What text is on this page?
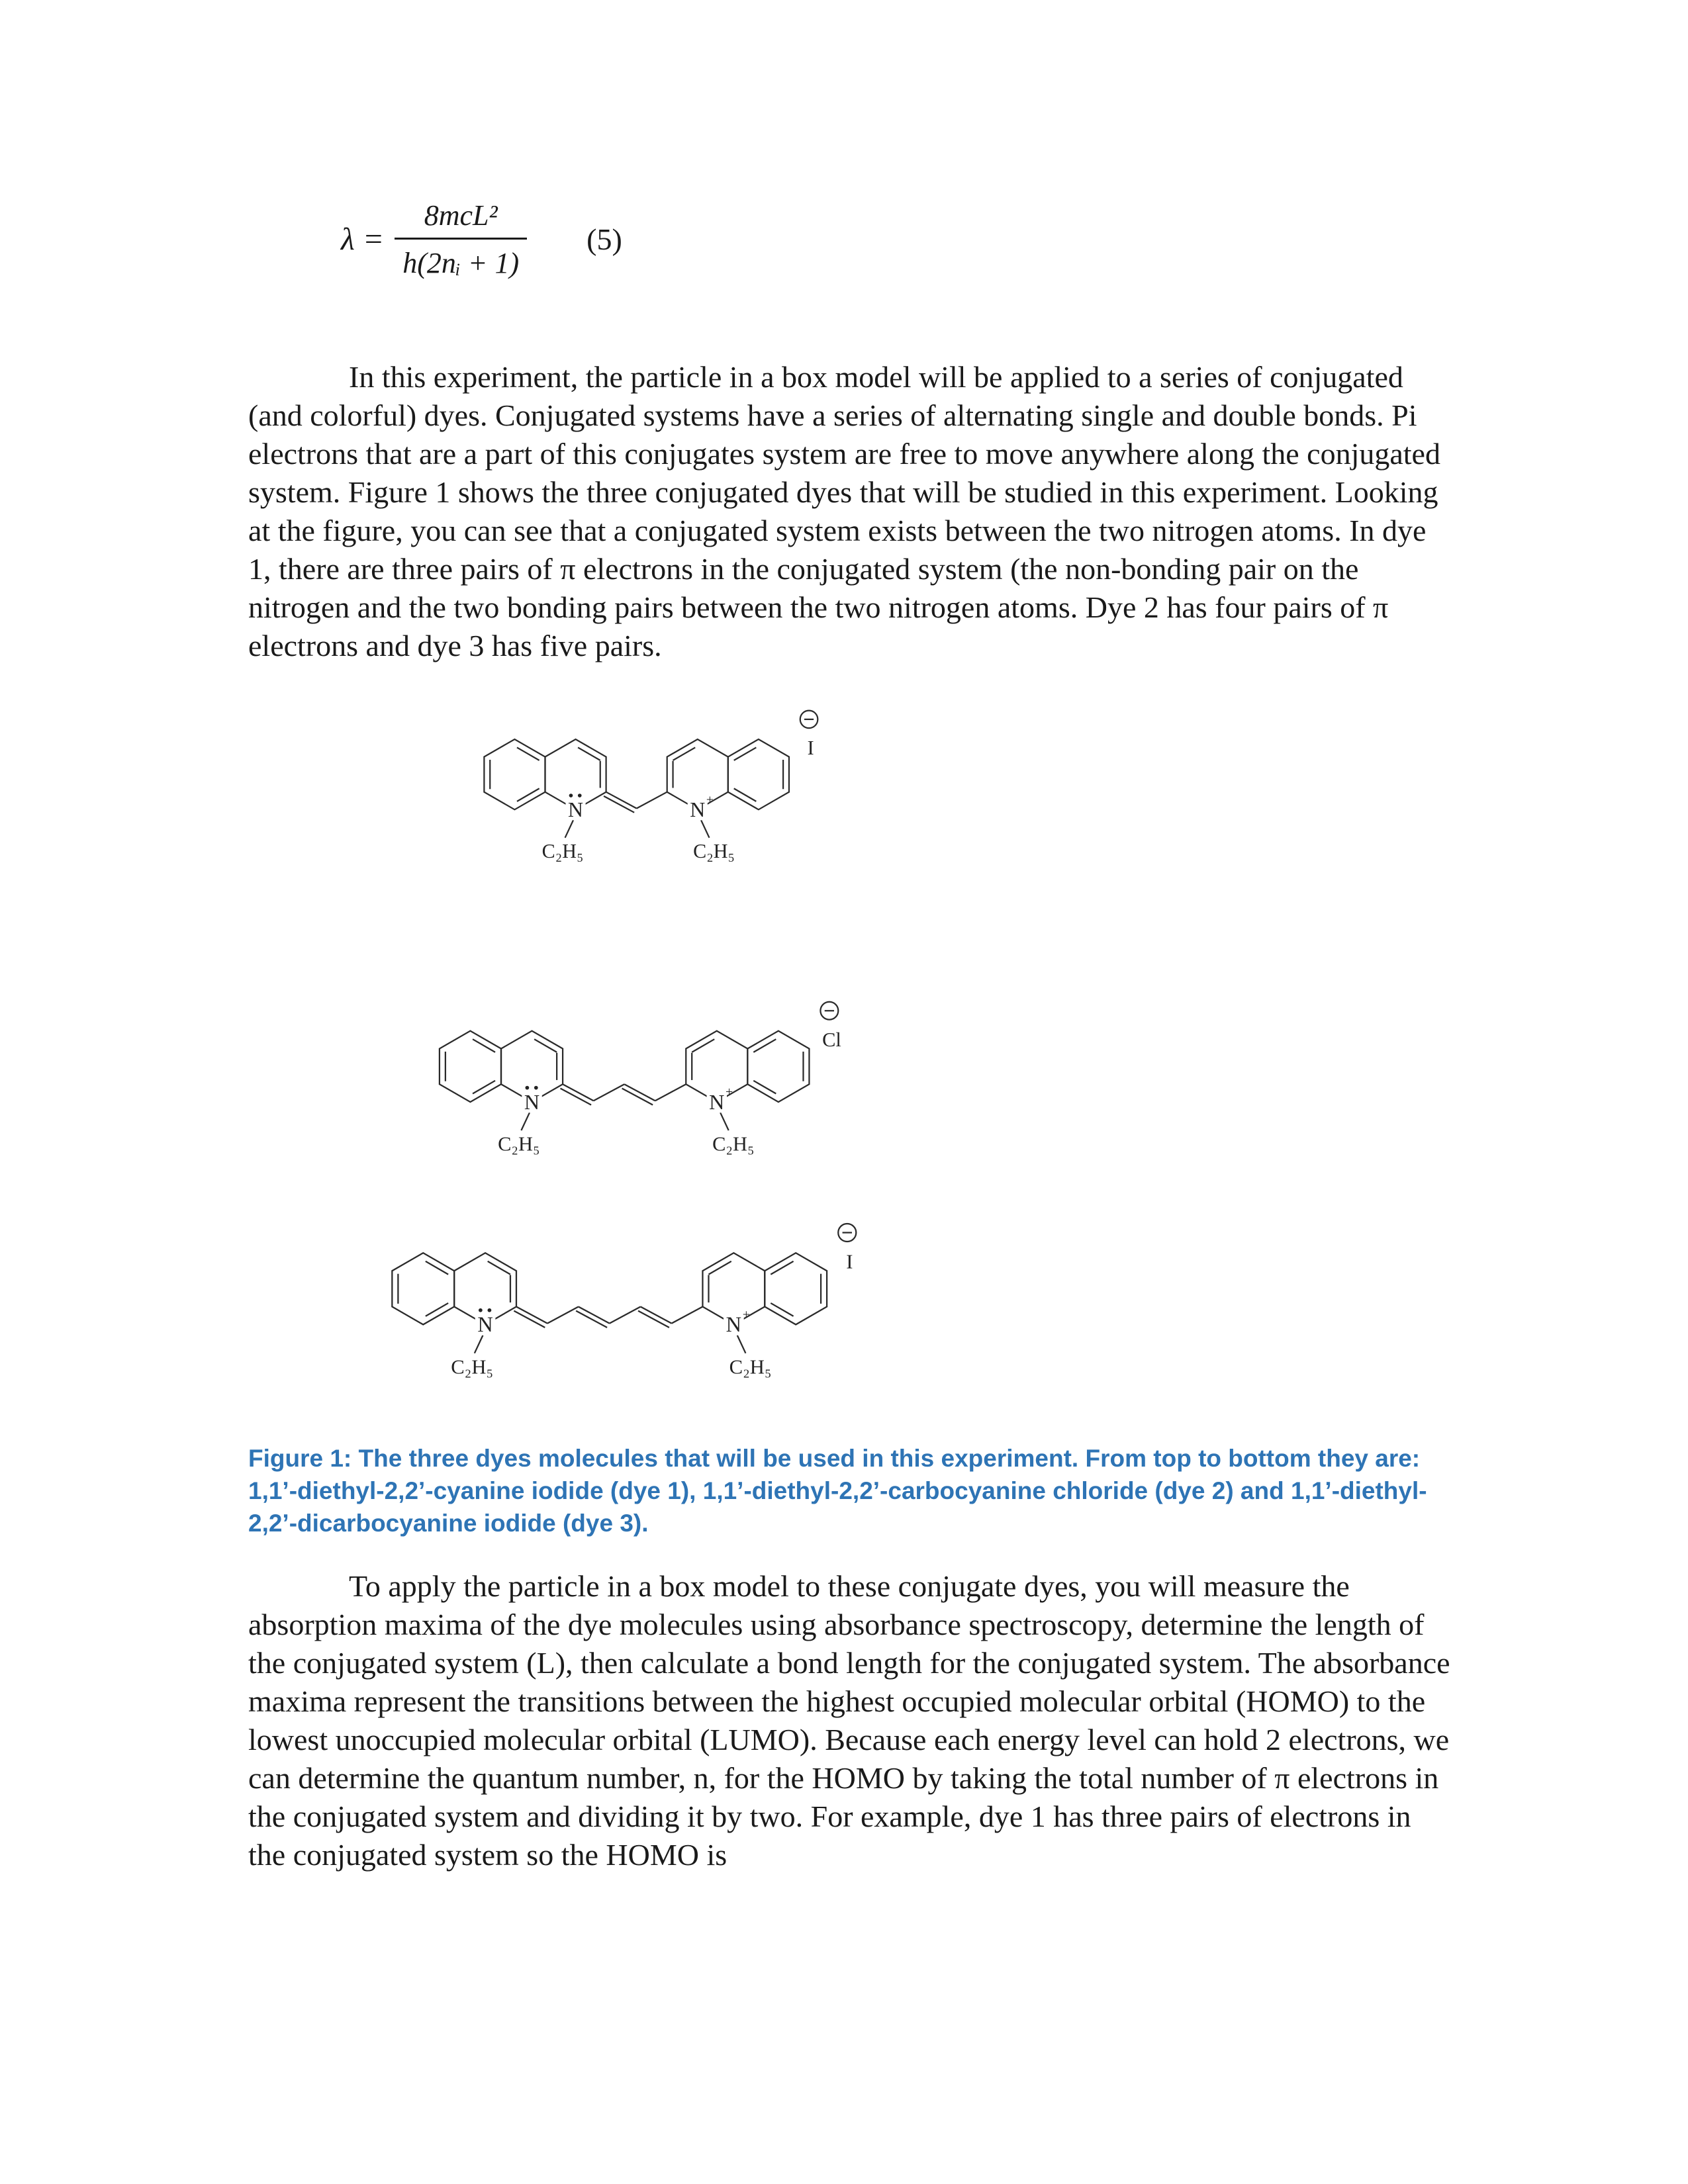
$\lambda = \frac{\text{8mcL²}}{\text{h(2nᵢ + 1)}} (5)$

In this experiment, the particle in a box model will be applied to a series of conjugated (and colorful) dyes. Conjugated systems have a series of alternating single and double bonds. Pi electrons that are a part of this conjugates system are free to move anywhere along the conjugated system. Figure 1 shows the three conjugated dyes that will be studied in this experiment. Looking at the figure, you can see that a conjugated system exists between the two nitrogen atoms. In dye 1, there are three pairs of π electrons in the conjugated system (the non-bonding pair on the nitrogen and the two bonding pairs between the two nitrogen atoms. Dye 2 has four pairs of π electrons and dye 3 has five pairs.

N	N +
C₂H₅	C₂H₅
I
N	N +
C₂H₅	C₂H₅
Cl
N	N +
C₂H₅	C₂H₅
I

Figure 1: The three dyes molecules that will be used in this experiment. From top to bottom they are: 1,1’-diethyl-2,2’-cyanine iodide (dye 1), 1,1’-diethyl-2,2’-carbocyanine chloride (dye 2) and 1,1’-diethyl-2,2’-dicarbocyanine iodide (dye 3).

To apply the particle in a box model to these conjugate dyes, you will measure the absorption maxima of the dye molecules using absorbance spectroscopy, determine the length of the conjugated system (L), then calculate a bond length for the conjugated system. The absorbance maxima represent the transitions between the highest occupied molecular orbital (HOMO) to the lowest unoccupied molecular orbital (LUMO). Because each energy level can hold 2 electrons, we can determine the quantum number, n, for the HOMO by taking the total number of π electrons in the conjugated system and dividing it by two. For example, dye 1 has three pairs of electrons in the conjugated system so the HOMO is
